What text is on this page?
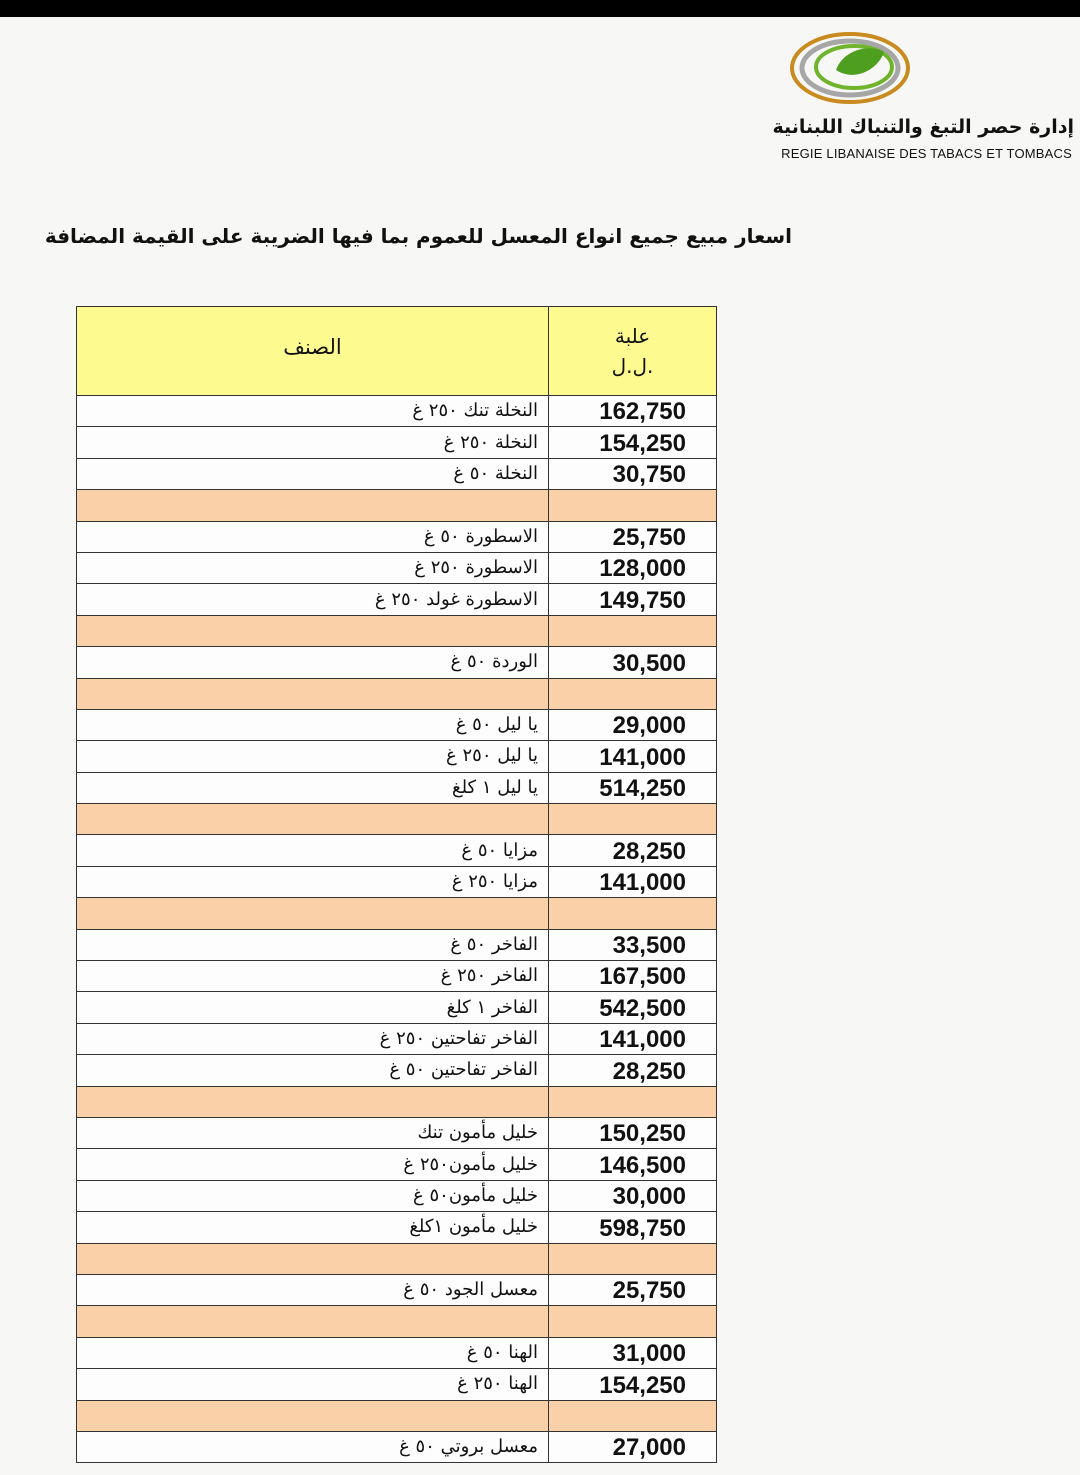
إدارة حصر التبغ والتنباك اللبنانية
REGIE LIBANAISE DES TABACS ET TOMBACS
اسعار مبيع جميع انواع المعسل للعموم بما فيها الضريبة على القيمة المضافة
الصنف	علبة
ل.ل.

النخلة تنك ٢٥٠ غ	162,750
النخلة ٢٥٠ غ	154,250
النخلة ٥٠ غ	30,750

الاسطورة ٥٠ غ	25,750
الاسطورة ٢٥٠ غ	128,000
الاسطورة غولد ٢٥٠ غ	149,750

الوردة ٥٠ غ	30,500

يا ليل ٥٠ غ	29,000
يا ليل ٢٥٠ غ	141,000
يا ليل ١ كلغ	514,250

مزايا ٥٠ غ	28,250
مزايا ٢٥٠ غ	141,000

الفاخر ٥٠ غ	33,500
الفاخر ٢٥٠ غ	167,500
الفاخر ١ كلغ	542,500
الفاخر تفاحتين ٢٥٠ غ	141,000
الفاخر تفاحتين ٥٠ غ	28,250

خليل مأمون تنك	150,250
خليل مأمون٢٥٠ غ	146,500
خليل مأمون٥٠ غ	30,000
خليل مأمون ١كلغ	598,750

معسل الجود ٥٠ غ	25,750

الهنا ٥٠ غ	31,000
الهنا ٢٥٠ غ	154,250

معسل بروتي ٥٠ غ	27,000
